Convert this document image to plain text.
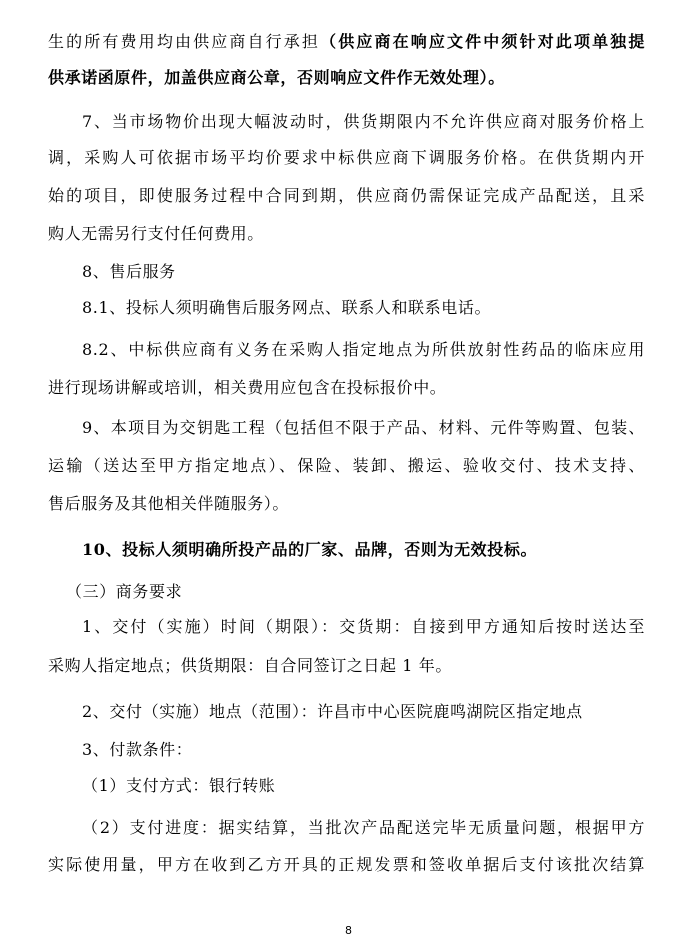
生的所有费用均由供应商自行承担（供应商在响应文件中须针对此项单独提
供承诺函原件，加盖供应商公章，否则响应文件作无效处理）。
7、当市场物价出现大幅波动时，供货期限内不允许供应商对服务价格上
调，采购人可依据市场平均价要求中标供应商下调服务价格。在供货期内开
始的项目，即使服务过程中合同到期，供应商仍需保证完成产品配送，且采
购人无需另行支付任何费用。
8、售后服务
8.1、投标人须明确售后服务网点、联系人和联系电话。
8.2、中标供应商有义务在采购人指定地点为所供放射性药品的临床应用
进行现场讲解或培训，相关费用应包含在投标报价中。
9、本项目为交钥匙工程（包括但不限于产品、材料、元件等购置、包装、
运输（送达至甲方指定地点）、保险、装卸、搬运、验收交付、技术支持、
售后服务及其他相关伴随服务）。
10、投标人须明确所投产品的厂家、品牌，否则为无效投标。
（三）商务要求
1、交付（实施）时间（期限）：交货期：自接到甲方通知后按时送达至
采购人指定地点；供货期限：自合同签订之日起 1 年。
2、交付（实施）地点（范围）：许昌市中心医院鹿鸣湖院区指定地点
3、付款条件：
（1）支付方式：银行转账
（2）支付进度：据实结算，当批次产品配送完毕无质量问题，根据甲方
实际使用量，甲方在收到乙方开具的正规发票和签收单据后支付该批次结算
8
